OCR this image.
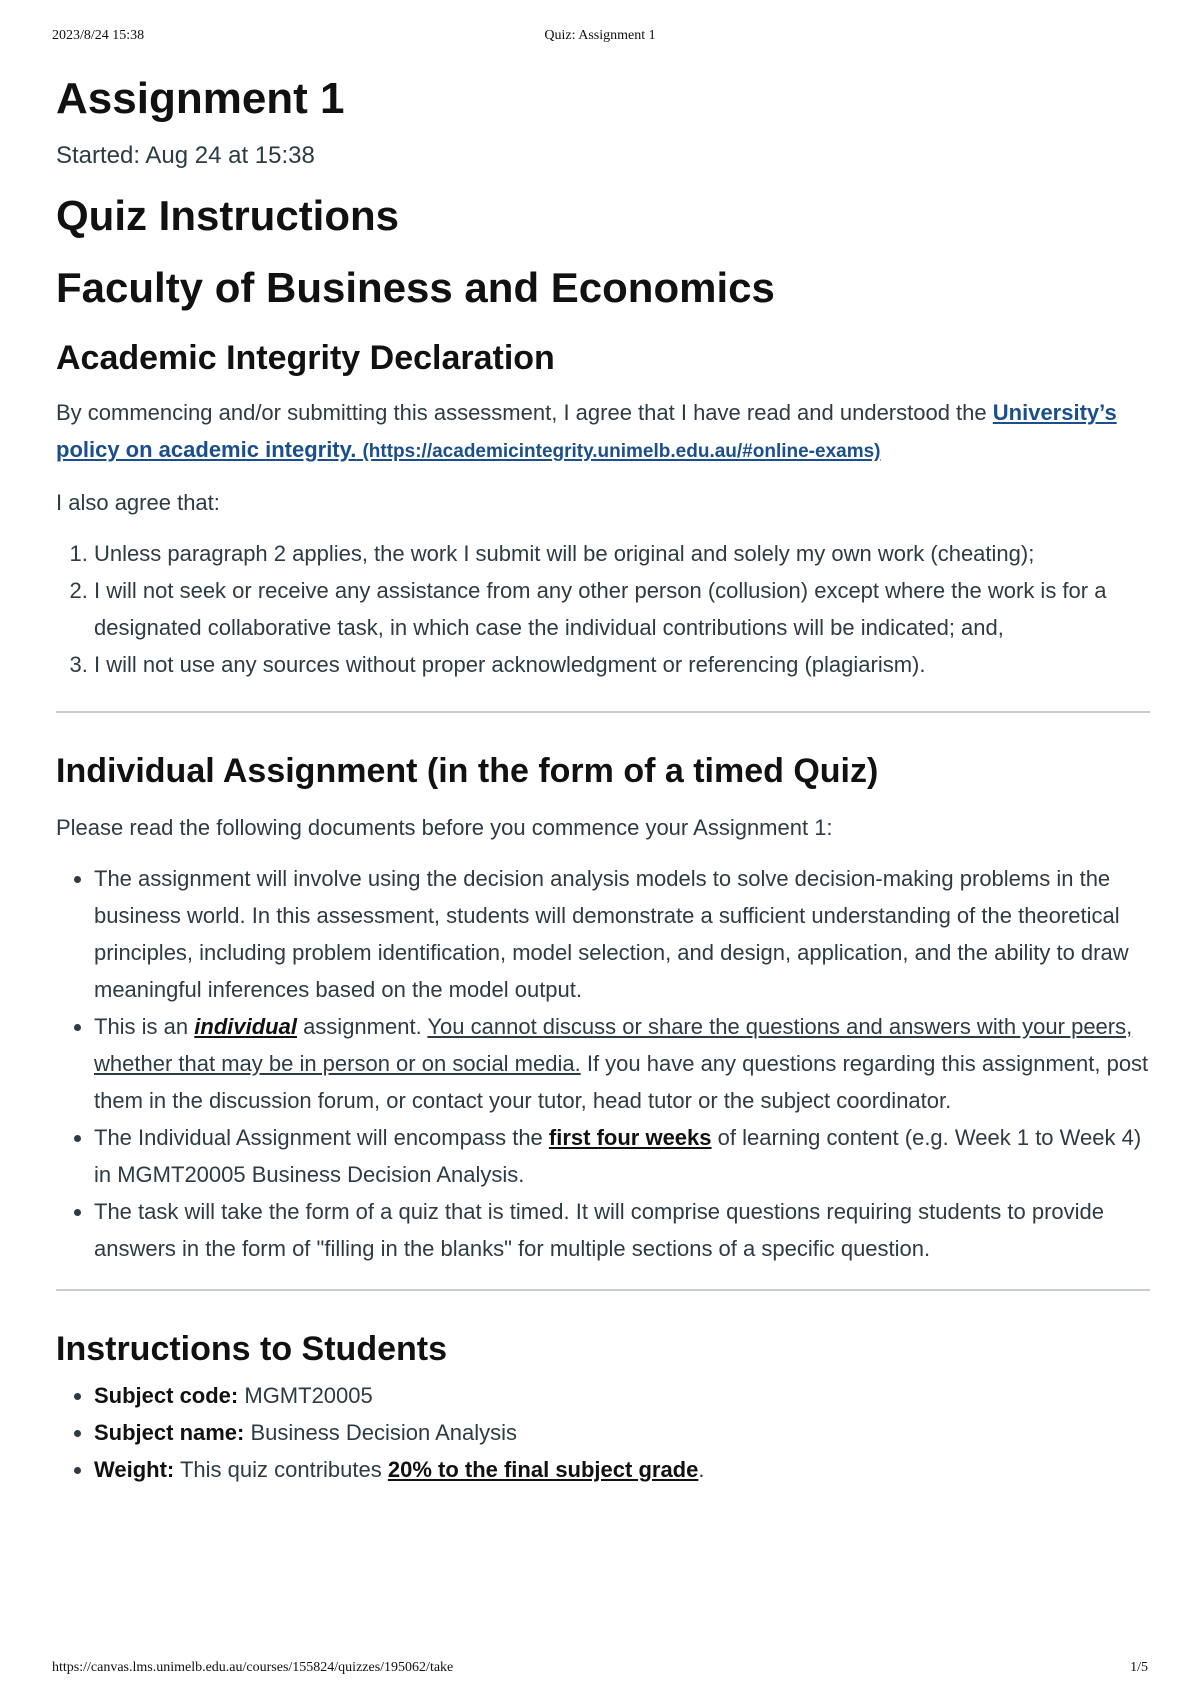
2023/8/24 15:38	Quiz: Assignment 1
Assignment 1
Started: Aug 24 at 15:38
Quiz Instructions
Faculty of Business and Economics
Academic Integrity Declaration

By commencing and/or submitting this assessment, I agree that I have read and understood the University’s policy on academic integrity. (https://academicintegrity.unimelb.edu.au/#online-exams)

I also agree that:

1. Unless paragraph 2 applies, the work I submit will be original and solely my own work (cheating);
2. I will not seek or receive any assistance from any other person (collusion) except where the work is for a designated collaborative task, in which case the individual contributions will be indicated; and,
3. I will not use any sources without proper acknowledgment or referencing (plagiarism).
Individual Assignment (in the form of a timed Quiz)

Please read the following documents before you commence your Assignment 1:

• The assignment will involve using the decision analysis models to solve decision-making problems in the business world. In this assessment, students will demonstrate a sufficient understanding of the theoretical principles, including problem identification, model selection, and design, application, and the ability to draw meaningful inferences based on the model output.
• This is an individual assignment. You cannot discuss or share the questions and answers with your peers, whether that may be in person or on social media. If you have any questions regarding this assignment, post them in the discussion forum, or contact your tutor, head tutor or the subject coordinator.
• The Individual Assignment will encompass the first four weeks of learning content (e.g. Week 1 to Week 4) in MGMT20005 Business Decision Analysis.
• The task will take the form of a quiz that is timed. It will comprise questions requiring students to provide answers in the form of "filling in the blanks" for multiple sections of a specific question.
Instructions to Students
• Subject code: MGMT20005
• Subject name: Business Decision Analysis
• Weight: This quiz contributes 20% to the final subject grade.
https://canvas.lms.unimelb.edu.au/courses/155824/quizzes/195062/take	1/5
